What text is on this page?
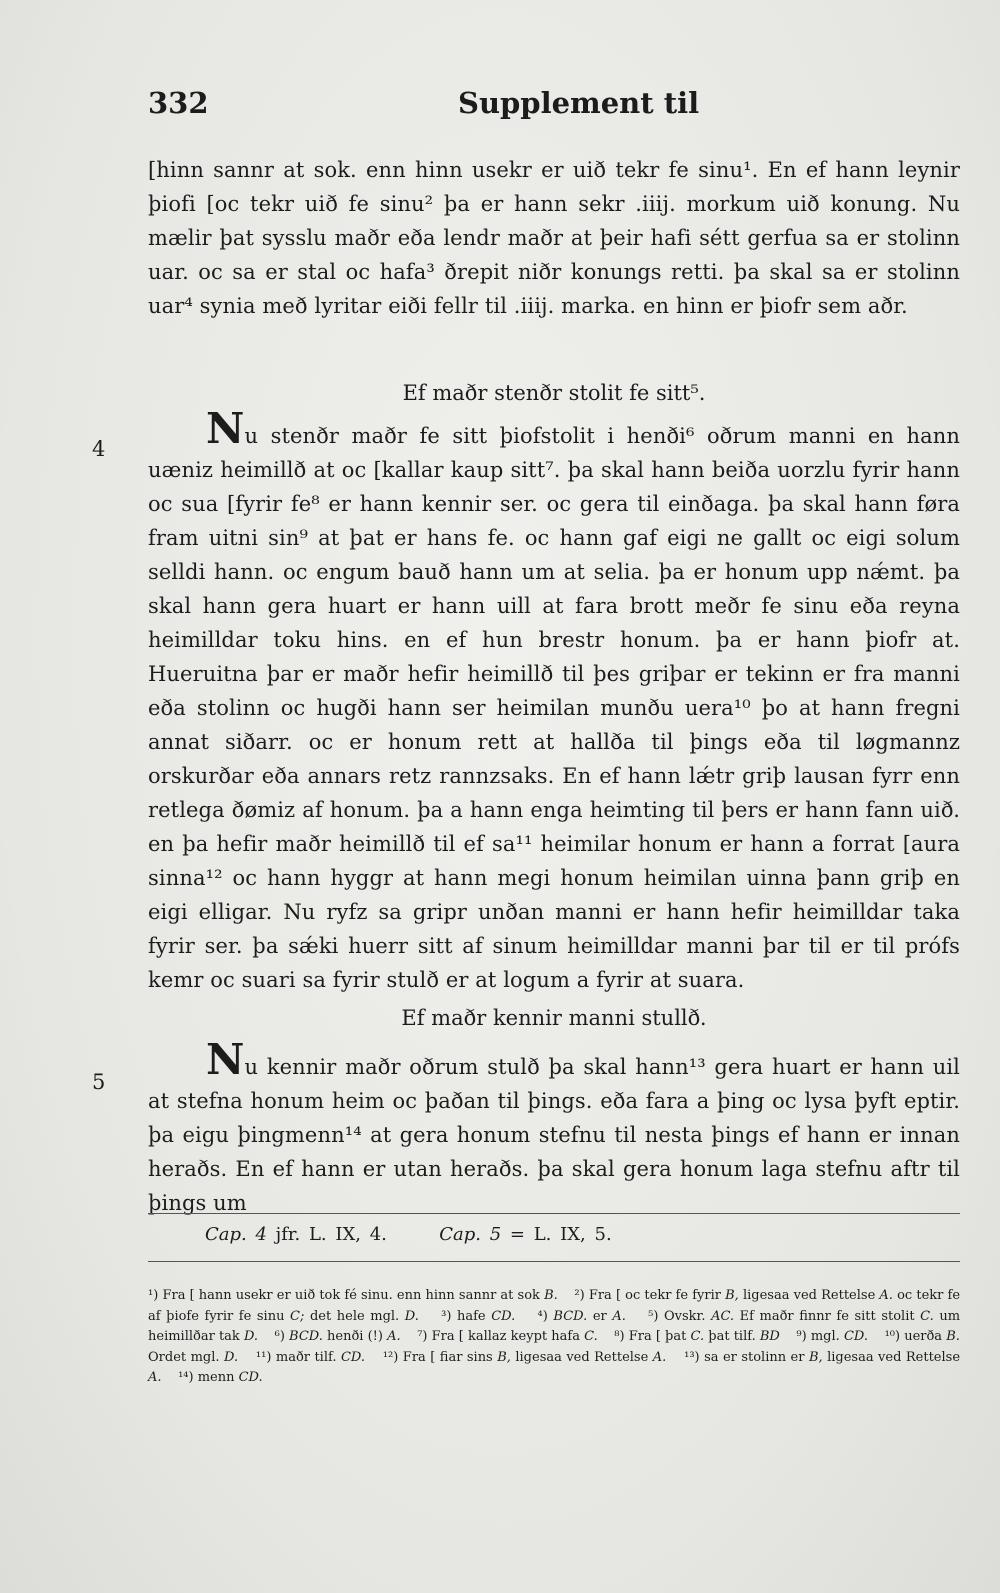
332	Supplement til
[hinn sannr at sok. enn hinn usekr er uið tekr fe sinu¹. En ef hann leynir þiofi [oc tekr uið fe sinu² þa er hann sekr .iiij. morkum uið konung. Nu mælir þat sysslu maðr eða lendr maðr at þeir hafi sétt gerfua sa er stolinn uar. oc sa er stal oc hafa³ ðrepit niðr konungs retti. þa skal sa er stolinn uar⁴ synia með lyritar eiði fellr til .iiij. marka. en hinn er þiofr sem aðr.
Ef maðr stenðr stolit fe sitt⁵.
4	Nu stenðr maðr fe sitt þiofstolit i henði⁶ oðrum manni en hann uæniz heimillð at oc [kallar kaup sitt⁷. þa skal hann beiða uorzlu fyrir hann oc sua [fyrir fe⁸ er hann kennir ser. oc gera til einðaga. þa skal hann føra fram uitni sin⁹ at þat er hans fe. oc hann gaf eigi ne gallt oc eigi solum selldi hann. oc engum bauð hann um at selia. þa er honum upp nǽmt. þa skal hann gera huart er hann uill at fara brott meðr fe sinu eða reyna heimilldar toku hins. en ef hun brestr honum. þa er hann þiofr at. Hueruitna þar er maðr hefir heimillð til þes griþar er tekinn er fra manni eða stolinn oc hugði hann ser heimilan munðu uera¹⁰ þo at hann fregni annat siðarr. oc er honum rett at hallða til þings eða til løgmannz orskurðar eða annars retz rannzsaks. En ef hann lǽtr griþ lausan fyrr enn retlega ðømiz af honum. þa a hann enga heimting til þers er hann fann uið. en þa hefir maðr heimillð til ef sa¹¹ heimilar honum er hann a forrat [aura sinna¹² oc hann hyggr at hann megi honum heimilan uinna þann griþ en eigi elligar. Nu ryfz sa gripr unðan manni er hann hefir heimilldar taka fyrir ser. þa sǽki huerr sitt af sinum heimilldar manni þar til er til prófs kemr oc suari sa fyrir stulð er at logum a fyrir at suara.
Ef maðr kennir manni stullð.
5	Nu kennir maðr oðrum stulð þa skal hann¹³ gera huart er hann uil at stefna honum heim oc þaðan til þings. eða fara a þing oc lysa þyft eptir. þa eigu þingmenn¹⁴ at gera honum stefnu til nesta þings ef hann er innan heraðs. En ef hann er utan heraðs. þa skal gera honum laga stefnu aftr til þings um
Cap. 4 jfr. L. IX, 4.	Cap. 5 = L. IX, 5.
¹) Fra [ hann usekr er uið tok fé sinu. enn hinn sannr at sok B. ²) Fra [ oc tekr fe fyrir B, ligesaa ved Rettelse A. oc tekr fe af þiofe fyrir fe sinu C; det hele mgl. D. ³) hafe CD. ⁴) BCD. er A. ⁵) Ovskr. AC. Ef maðr finnr fe sitt stolit C. um heimillðar tak D. ⁶) BCD. henði (!) A. ⁷) Fra [ kallaz keypt hafa C. ⁸) Fra [ þat C. þat tilf. BD ⁹) mgl. CD. ¹⁰) uerða B. Ordet mgl. D. ¹¹) maðr tilf. CD. ¹²) Fra [ fiar sins B, ligesaa ved Rettelse A. ¹³) sa er stolinn er B, ligesaa ved Rettelse A. ¹⁴) menn CD.
